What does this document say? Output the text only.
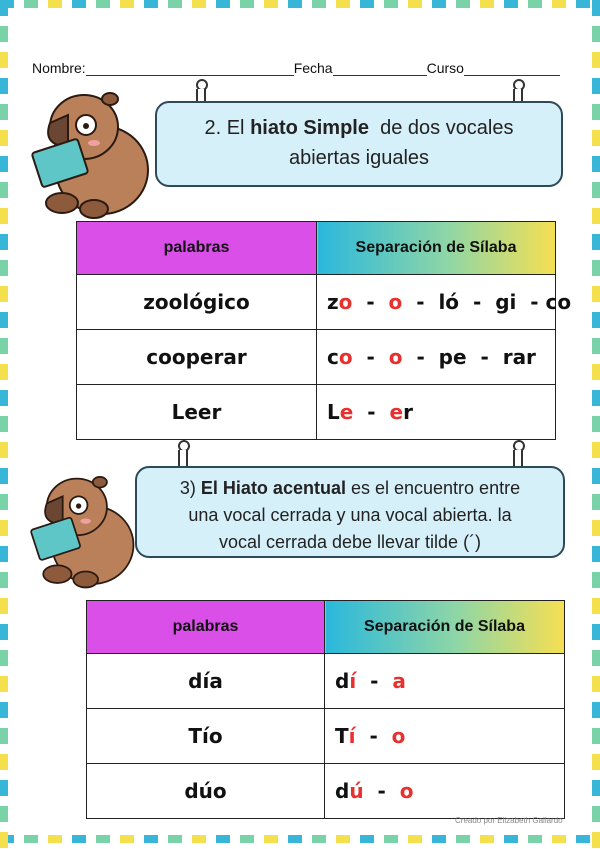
Nombre:	Fecha	Curso
2. El hiato Simple  de dos vocales
abiertas iguales
palabras	Separación de Sílaba
zoológico	zo  -  o  -  ló  -  gi  - co
cooperar	co  -  o  -  pe  -  rar
Leer	Le  -  er
3) El Hiato acentual es el encuentro entre
una vocal cerrada y una vocal abierta. la
vocal cerrada debe llevar tilde (´)
palabras	Separación de Sílaba
día	dí  -  a
Tío	Tí  -  o
dúo	dú  -  o
Creado por Elizabeth Gallardo
